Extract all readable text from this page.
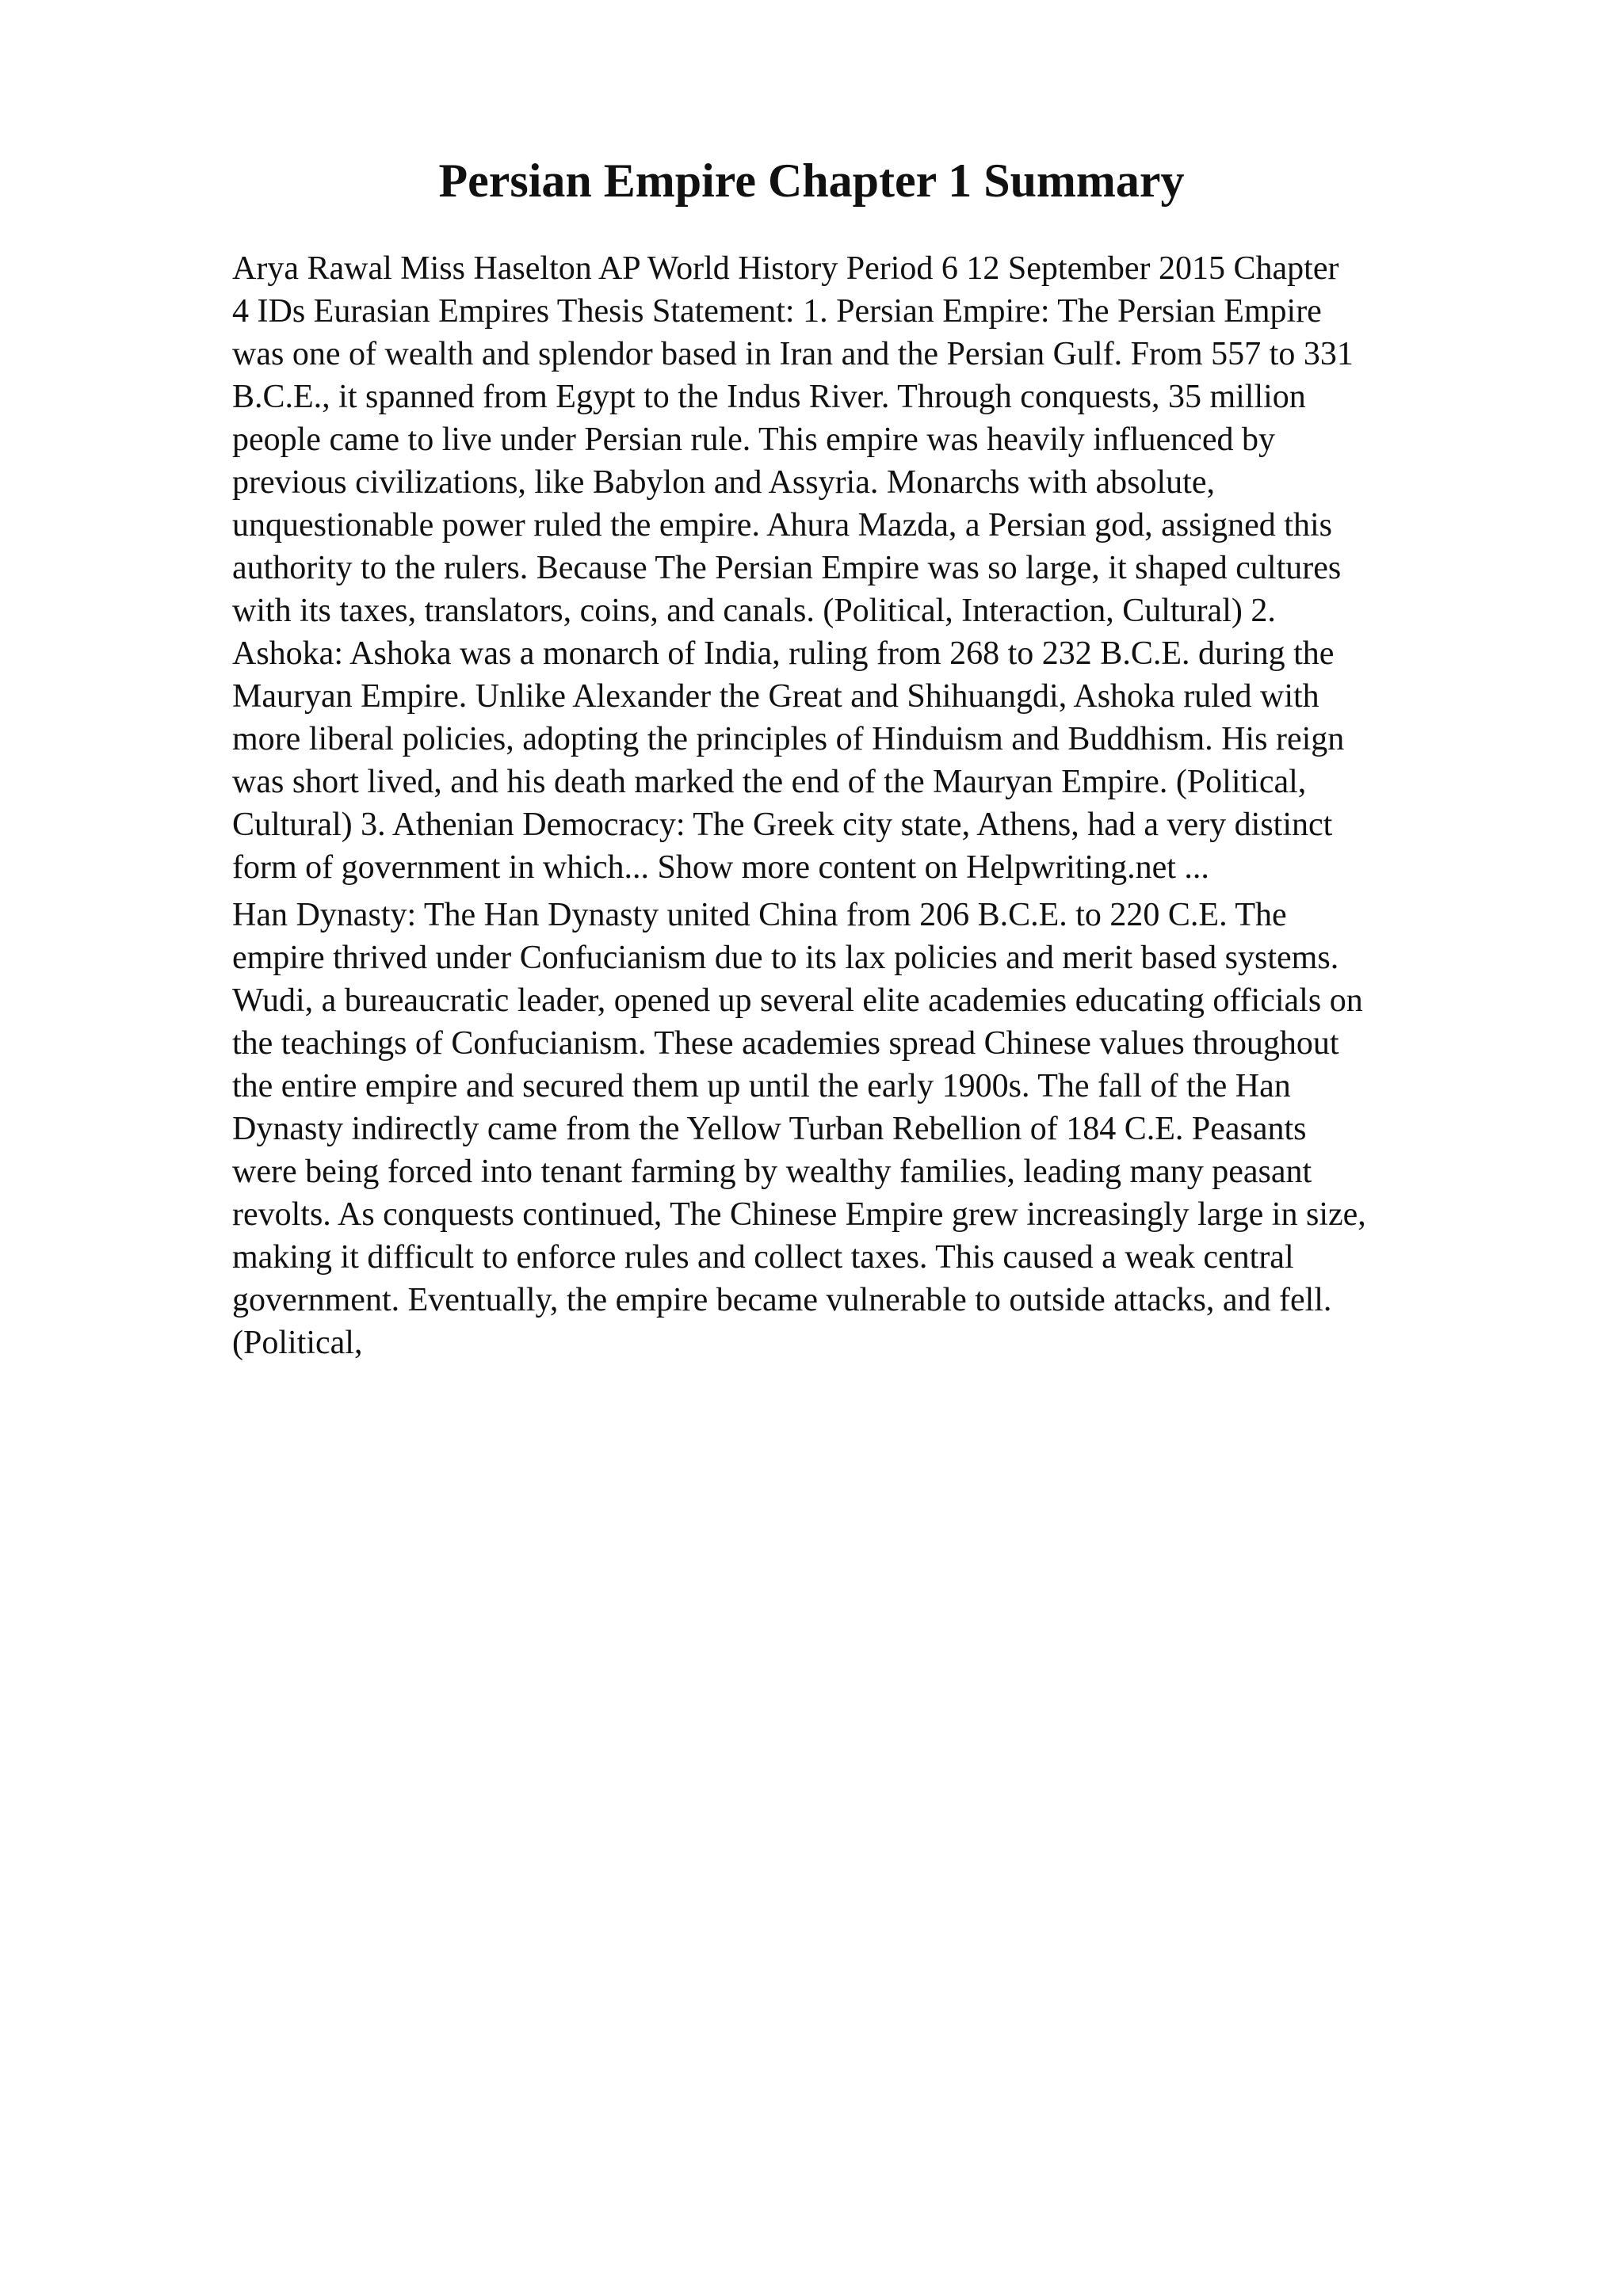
Persian Empire Chapter 1 Summary

Arya Rawal Miss Haselton AP World History Period 6 12 September 2015 Chapter
4 IDs Eurasian Empires Thesis Statement: 1. Persian Empire: The Persian Empire
was one of wealth and splendor based in Iran and the Persian Gulf. From 557 to 331
B.C.E., it spanned from Egypt to the Indus River. Through conquests, 35 million
people came to live under Persian rule. This empire was heavily influenced by
previous civilizations, like Babylon and Assyria. Monarchs with absolute,
unquestionable power ruled the empire. Ahura Mazda, a Persian god, assigned this
authority to the rulers. Because The Persian Empire was so large, it shaped cultures
with its taxes, translators, coins, and canals. (Political, Interaction, Cultural) 2.
Ashoka: Ashoka was a monarch of India, ruling from 268 to 232 B.C.E. during the
Mauryan Empire. Unlike Alexander the Great and Shihuangdi, Ashoka ruled with
more liberal policies, adopting the principles of Hinduism and Buddhism. His reign
was short lived, and his death marked the end of the Mauryan Empire. (Political,
Cultural) 3. Athenian Democracy: The Greek city state, Athens, had a very distinct
form of government in which... Show more content on Helpwriting.net ...

Han Dynasty: The Han Dynasty united China from 206 B.C.E. to 220 C.E. The
empire thrived under Confucianism due to its lax policies and merit based systems.
Wudi, a bureaucratic leader, opened up several elite academies educating officials on
the teachings of Confucianism. These academies spread Chinese values throughout
the entire empire and secured them up until the early 1900s. The fall of the Han
Dynasty indirectly came from the Yellow Turban Rebellion of 184 C.E. Peasants
were being forced into tenant farming by wealthy families, leading many peasant
revolts. As conquests continued, The Chinese Empire grew increasingly large in size,
making it difficult to enforce rules and collect taxes. This caused a weak central
government. Eventually, the empire became vulnerable to outside attacks, and fell.
(Political,
